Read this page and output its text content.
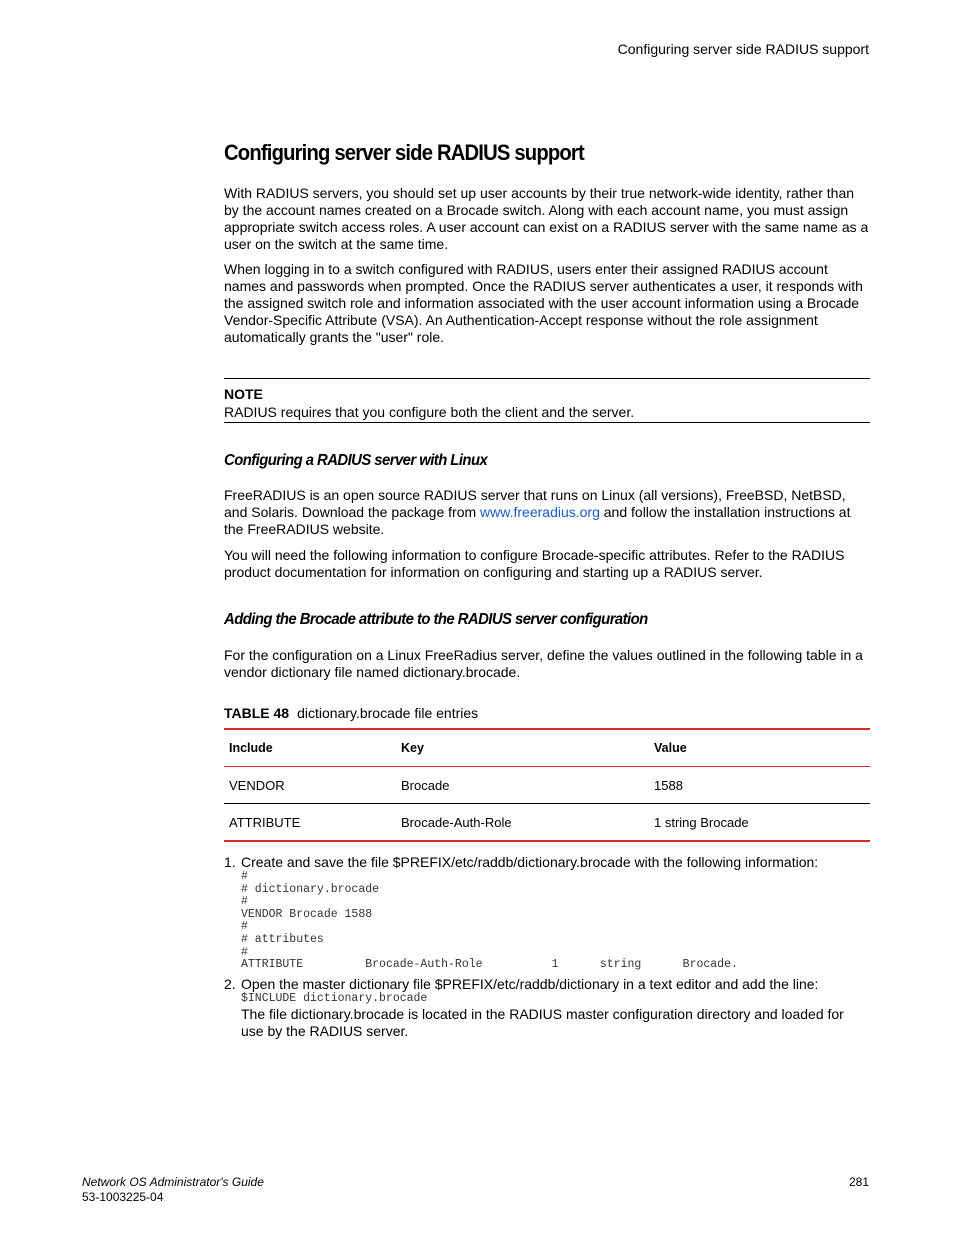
Configuring server side RADIUS support
Configuring server side RADIUS support

With RADIUS servers, you should set up user accounts by their true network-wide identity, rather than by the account names created on a Brocade switch. Along with each account name, you must assign appropriate switch access roles. A user account can exist on a RADIUS server with the same name as a user on the switch at the same time.

When logging in to a switch configured with RADIUS, users enter their assigned RADIUS account names and passwords when prompted. Once the RADIUS server authenticates a user, it responds with the assigned switch role and information associated with the user account information using a Brocade Vendor-Specific Attribute (VSA). An Authentication-Accept response without the role assignment automatically grants the "user" role.

NOTE
RADIUS requires that you configure both the client and the server.
Configuring a RADIUS server with Linux

FreeRADIUS is an open source RADIUS server that runs on Linux (all versions), FreeBSD, NetBSD, and Solaris. Download the package from www.freeradius.org and follow the installation instructions at the FreeRADIUS website.

You will need the following information to configure Brocade-specific attributes. Refer to the RADIUS product documentation for information on configuring and starting up a RADIUS server.

Adding the Brocade attribute to the RADIUS server configuration

For the configuration on a Linux FreeRadius server, define the values outlined in the following table in a vendor dictionary file named dictionary.brocade.

TABLE 48 dictionary.brocade file entries
Include	Key	Value
VENDOR	Brocade	1588
ATTRIBUTE	Brocade-Auth-Role	1 string Brocade
1. Create and save the file $PREFIX/etc/raddb/dictionary.brocade with the following information:
#
# dictionary.brocade
#
VENDOR Brocade 1588
#
# attributes
#
ATTRIBUTE         Brocade-Auth-Role          1      string      Brocade.
2. Open the master dictionary file $PREFIX/etc/raddb/dictionary in a text editor and add the line:
$INCLUDE dictionary.brocade
The file dictionary.brocade is located in the RADIUS master configuration directory and loaded for use by the RADIUS server.
Network OS Administrator's Guide
53-1003225-04
281
